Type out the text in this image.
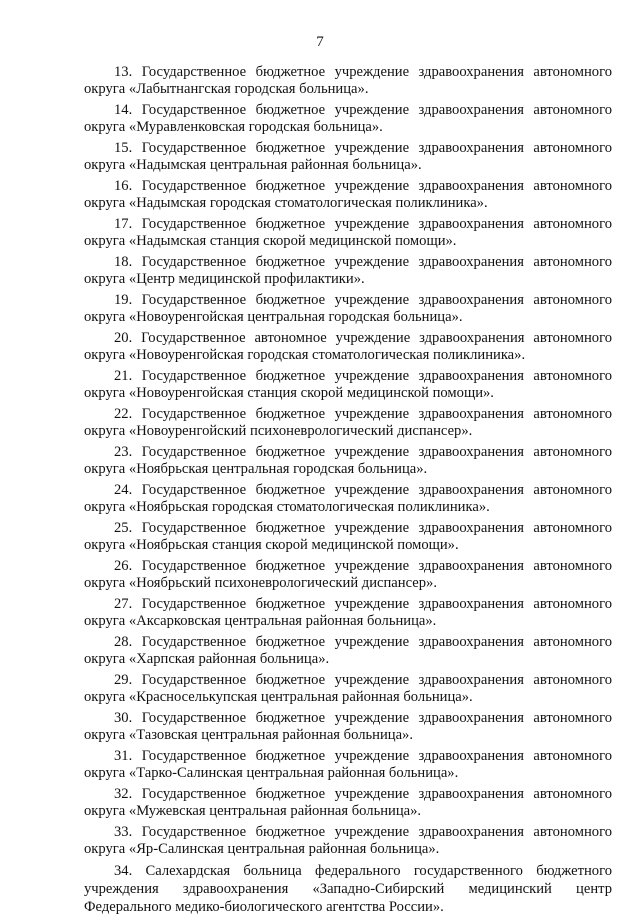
7
13. Государственное бюджетное учреждение здравоохранения автономного
округа «Лабытнангская городская больница».
14. Государственное бюджетное учреждение здравоохранения автономного
округа «Муравленковская городская больница».
15. Государственное бюджетное учреждение здравоохранения автономного
округа «Надымская центральная районная больница».
16. Государственное бюджетное учреждение здравоохранения автономного
округа «Надымская городская стоматологическая поликлиника».
17. Государственное бюджетное учреждение здравоохранения автономного
округа «Надымская станция скорой медицинской помощи».
18. Государственное бюджетное учреждение здравоохранения автономного
округа «Центр медицинской профилактики».
19. Государственное бюджетное учреждение здравоохранения автономного
округа «Новоуренгойская центральная городская больница».
20. Государственное автономное учреждение здравоохранения автономного
округа «Новоуренгойская городская стоматологическая поликлиника».
21. Государственное бюджетное учреждение здравоохранения автономного
округа «Новоуренгойская станция скорой медицинской помощи».
22. Государственное бюджетное учреждение здравоохранения автономного
округа «Новоуренгойский психоневрологический диспансер».
23. Государственное бюджетное учреждение здравоохранения автономного
округа «Ноябрьская центральная городская больница».
24. Государственное бюджетное учреждение здравоохранения автономного
округа «Ноябрьская городская стоматологическая поликлиника».
25. Государственное бюджетное учреждение здравоохранения автономного
округа «Ноябрьская станция скорой медицинской помощи».
26. Государственное бюджетное учреждение здравоохранения автономного
округа «Ноябрьский психоневрологический диспансер».
27. Государственное бюджетное учреждение здравоохранения автономного
округа «Аксарковская центральная районная больница».
28. Государственное бюджетное учреждение здравоохранения автономного
округа «Харпская районная больница».
29. Государственное бюджетное учреждение здравоохранения автономного
округа «Красноселькупская центральная районная больница».
30. Государственное бюджетное учреждение здравоохранения автономного
округа «Тазовская центральная районная больница».
31. Государственное бюджетное учреждение здравоохранения автономного
округа «Тарко-Салинская центральная районная больница».
32. Государственное бюджетное учреждение здравоохранения автономного
округа «Мужевская центральная районная больница».
33. Государственное бюджетное учреждение здравоохранения автономного
округа «Яр-Салинская центральная районная больница».
34. Салехардская больница федерального государственного бюджетного учреждения здравоохранения «Западно-Сибирский медицинский центр Федерального медико-биологического агентства России».
